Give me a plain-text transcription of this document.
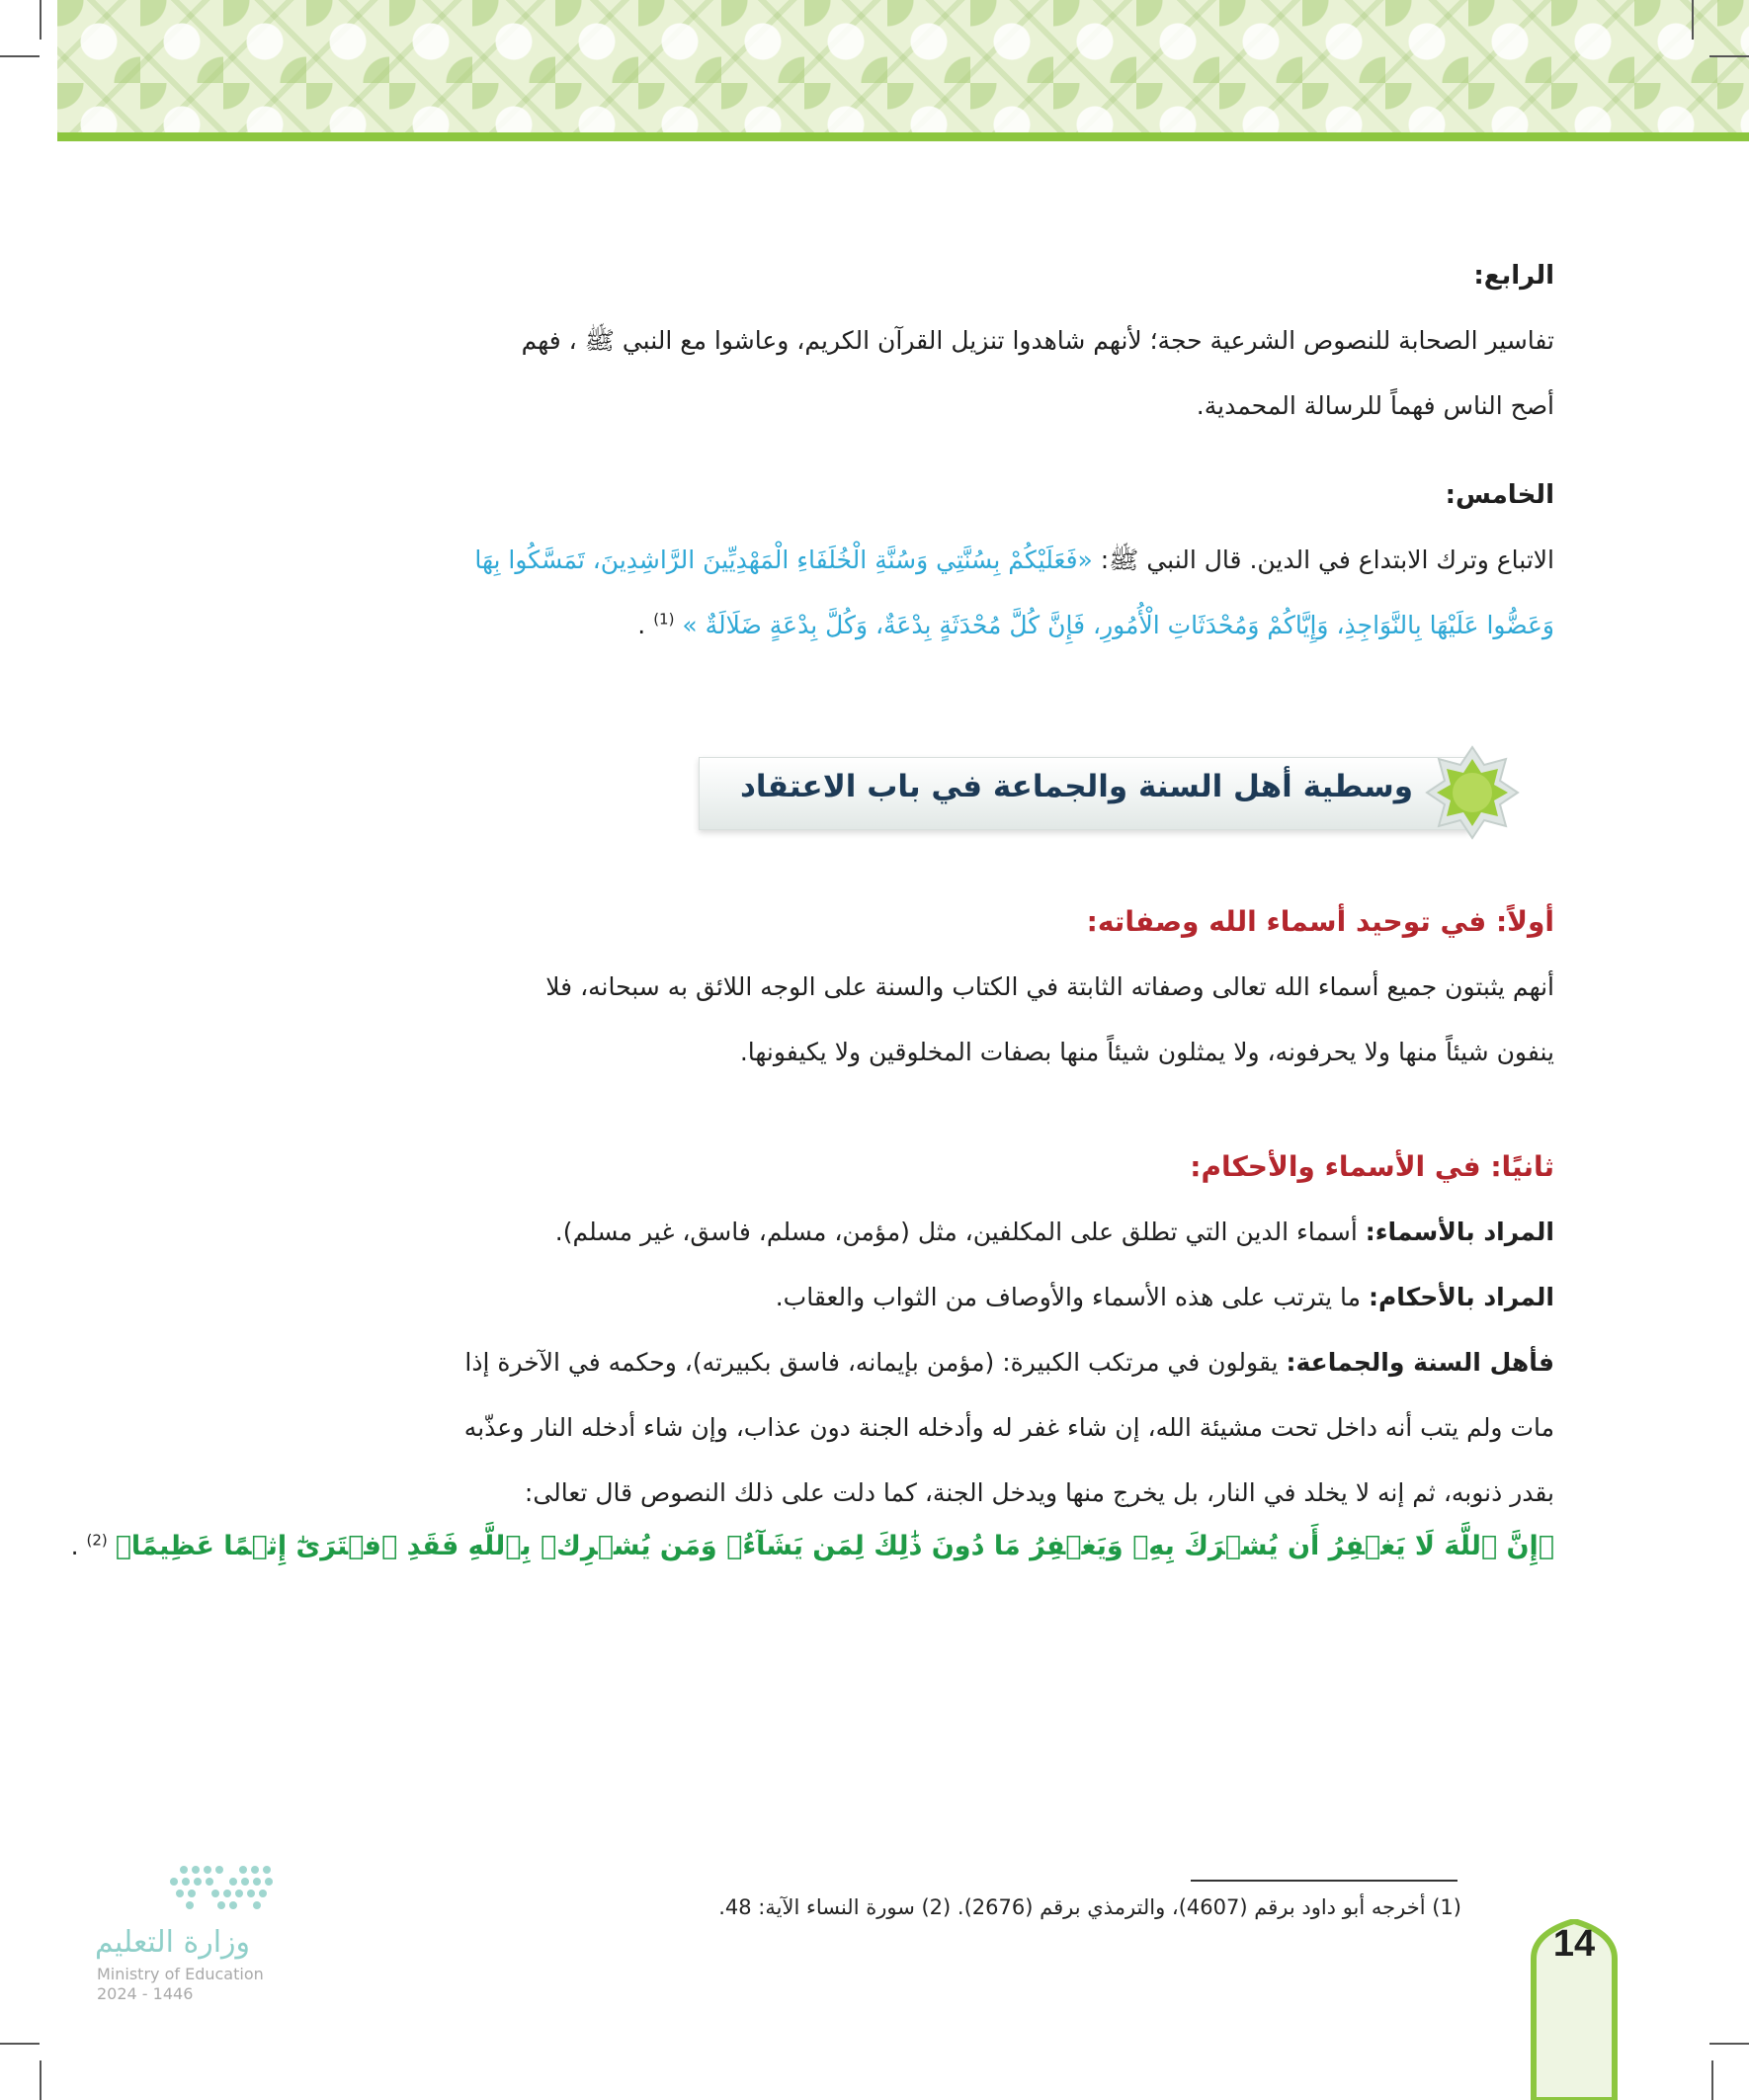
الرابع:
تفاسير الصحابة للنصوص الشرعية حجة؛ لأنهم شاهدوا تنزيل القرآن الكريم، وعاشوا مع النبي ﷺ ، فهم
أصح الناس فهماً للرسالة المحمدية.
الخامس:
الاتباع وترك الابتداع في الدين. قال النبي ﷺ: «فَعَلَيْكُمْ بِسُنَّتِي وَسُنَّةِ الْخُلَفَاءِ الْمَهْدِيِّينَ الرَّاشِدِينَ، تَمَسَّكُوا بِهَا
وَعَضُّوا عَلَيْهَا بِالنَّوَاجِذِ، وَإِيَّاكُمْ وَمُحْدَثَاتِ الْأُمُورِ، فَإِنَّ كُلَّ مُحْدَثَةٍ بِدْعَةٌ، وَكُلَّ بِدْعَةٍ ضَلَالَةٌ » $^{(1)}$ .
وسطية أهل السنة والجماعة في باب الاعتقاد
أولاً: في توحيد أسماء الله وصفاته:
أنهم يثبتون جميع أسماء الله تعالى وصفاته الثابتة في الكتاب والسنة على الوجه اللائق به سبحانه، فلا
ينفون شيئاً منها ولا يحرفونه، ولا يمثلون شيئاً منها بصفات المخلوقين ولا يكيفونها.
ثانيًا: في الأسماء والأحكام:
المراد بالأسماء: أسماء الدين التي تطلق على المكلفين، مثل (مؤمن، مسلم، فاسق، غير مسلم).
المراد بالأحكام: ما يترتب على هذه الأسماء والأوصاف من الثواب والعقاب.
فأهل السنة والجماعة: يقولون في مرتكب الكبيرة: (مؤمن بإيمانه، فاسق بكبيرته)، وحكمه في الآخرة إذا
مات ولم يتب أنه داخل تحت مشيئة الله، إن شاء غفر له وأدخله الجنة دون عذاب، وإن شاء أدخله النار وعذّبه
بقدر ذنوبه، ثم إنه لا يخلد في النار، بل يخرج منها ويدخل الجنة، كما دلت على ذلك النصوص قال تعالى:
﴿إِنَّ ٱللَّهَ لَا يَغۡفِرُ أَن يُشۡرَكَ بِهِۦ وَيَغۡفِرُ مَا دُونَ ذَٰلِكَ لِمَن يَشَآءُۚ وَمَن يُشۡرِكۡ بِٱللَّهِ فَقَدِ ٱفۡتَرَىٰٓ إِثۡمًا عَظِيمًا﴾ $^{(2)}$ .
(1) أخرجه أبو داود برقم (4607)، والترمذي برقم (2676). (2) سورة النساء الآية: 48.
وزارة التعليم
Ministry of Education
2024 - 1446
14
